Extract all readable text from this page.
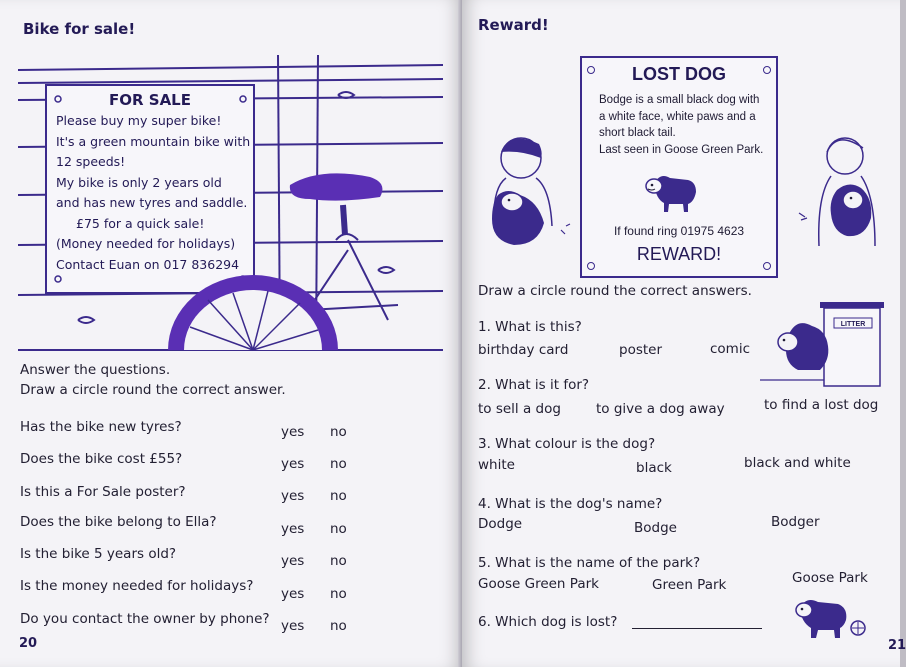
Bike for sale!
FOR SALE
Please buy my super bike!
It's a green mountain bike with
12 speeds!
My bike is only 2 years old
and has new tyres and saddle.
£75 for a quick sale!
(Money needed for holidays)
Contact Euan on 017 836294
Answer the questions.
Draw a circle round the correct answer.
Has the bike new tyres?	yes no
Does the bike cost £55?	yes no
Is this a For Sale poster?	yes no
Does the bike belong to Ella?	yes no
Is the bike 5 years old?	yes no
Is the money needed for holidays? yes no
Do you contact the owner by phone? yes no
20
Reward!
LOST DOG
Bodge is a small black dog with
a white face, white paws and a
short black tail.
Last seen in Goose Green Park.
If found ring 01975 4623
REWARD!
Draw a circle round the correct answers.
LITTER
1. What is this?
birthday card	poster	comic
2. What is it for?
to sell a dog	to give a dog away	to find a lost dog
3. What colour is the dog?
white	black	black and white
4. What is the dog's name?
Dodge	Bodge	Bodger
5. What is the name of the park?
Goose Green Park	Green Park	Goose Park
6. Which dog is lost?
21
